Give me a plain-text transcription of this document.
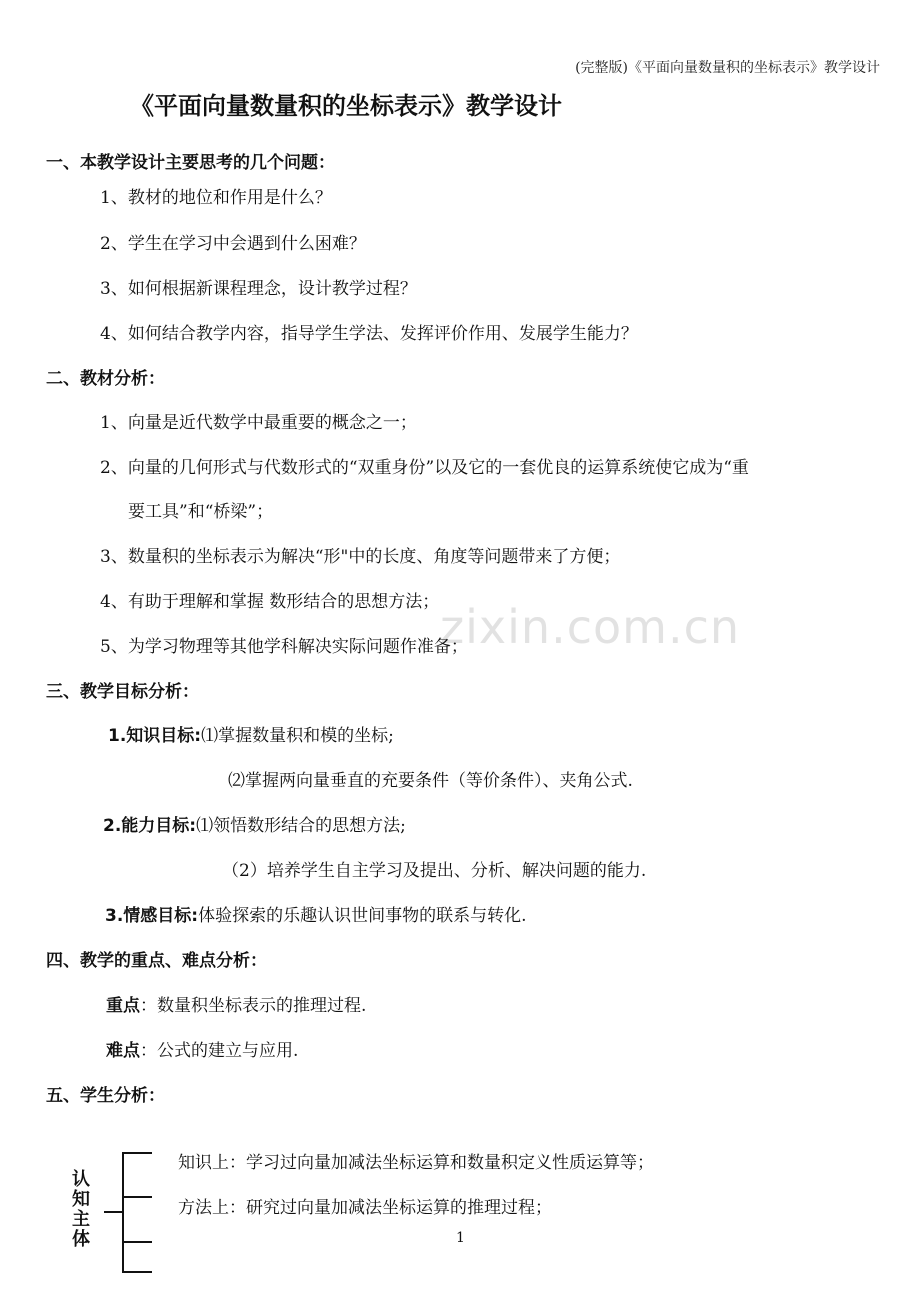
(完整版)《平面向量数量积的坐标表示》教学设计
《平面向量数量积的坐标表示》教学设计
zixin.com.cn
一、本教学设计主要思考的几个问题：
1、教材的地位和作用是什么？
2、学生在学习中会遇到什么困难？
3、如何根据新课程理念，设计教学过程？
4、如何结合教学内容，指导学生学法、发挥评价作用、发展学生能力？
二、教材分析：
1、向量是近代数学中最重要的概念之一；
2、向量的几何形式与代数形式的“双重身份”以及它的一套优良的运算系统使它成为“重
要工具”和“桥梁”；
3、数量积的坐标表示为解决“形"中的长度、角度等问题带来了方便；
4、有助于理解和掌握 数形结合的思想方法；
5、为学习物理等其他学科解决实际问题作准备；
三、教学目标分析：
1.知识目标:⑴掌握数量积和模的坐标;
⑵掌握两向量垂直的充要条件（等价条件）、夹角公式.
2.能力目标:⑴领悟数形结合的思想方法;
（2）培养学生自主学习及提出、分析、解决问题的能力.
3.情感目标:体验探索的乐趣认识世间事物的联系与转化.
四、教学的重点、难点分析：
重点：数量积坐标表示的推理过程.
难点：公式的建立与应用.
五、学生分析：
认
知
主
体
知识上：学习过向量加减法坐标运算和数量积定义性质运算等；
方法上：研究过向量加减法坐标运算的推理过程；
1
